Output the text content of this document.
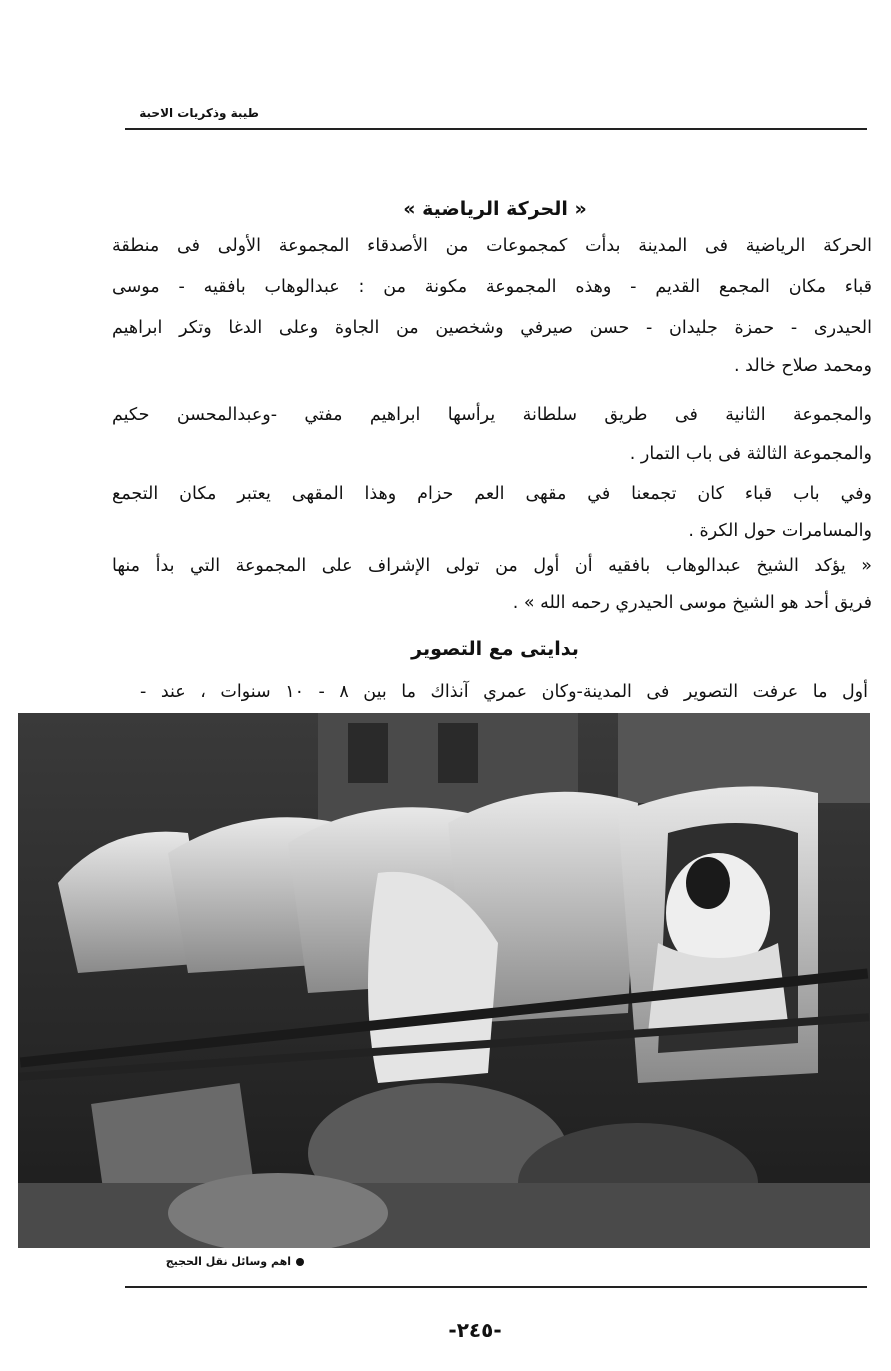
طيبة وذكريات الاحبة
« الحركة الرياضية »
الحركة الرياضية فى المدينة بدأت كمجموعات من الأصدقاء المجموعة الأولى فى منطقة
قباء مكان المجمع القديم - وهذه المجموعة مكونة من : عبدالوهاب بافقيه - موسى
الحيدرى - حمزة جليدان - حسن صيرفي وشخصين من الجاوة وعلى الدغا وتكر ابراهيم
ومحمد صلاح خالد .
والمجموعة الثانية فى طريق سلطانة يرأسها ابراهيم مفتي -وعبدالمحسن حكيم
والمجموعة الثالثة فى باب التمار .
وفي باب قباء كان تجمعنا في مقهى العم حزام وهذا المقهى يعتبر مكان التجمع
والمسامرات حول الكرة .
« يؤكد الشيخ عبدالوهاب بافقيه أن أول من تولى الإشراف على المجموعة التي بدأ منها
فريق أحد هو الشيخ موسى الحيدري رحمه الله » .
بدايتى مع التصوير
أول ما عرفت التصوير فى المدينة-وكان عمري آنذاك ما بين ٨ - ١٠ سنوات ، عند -
اهم وسائل نقل الحجيج
-٢٤٥-
